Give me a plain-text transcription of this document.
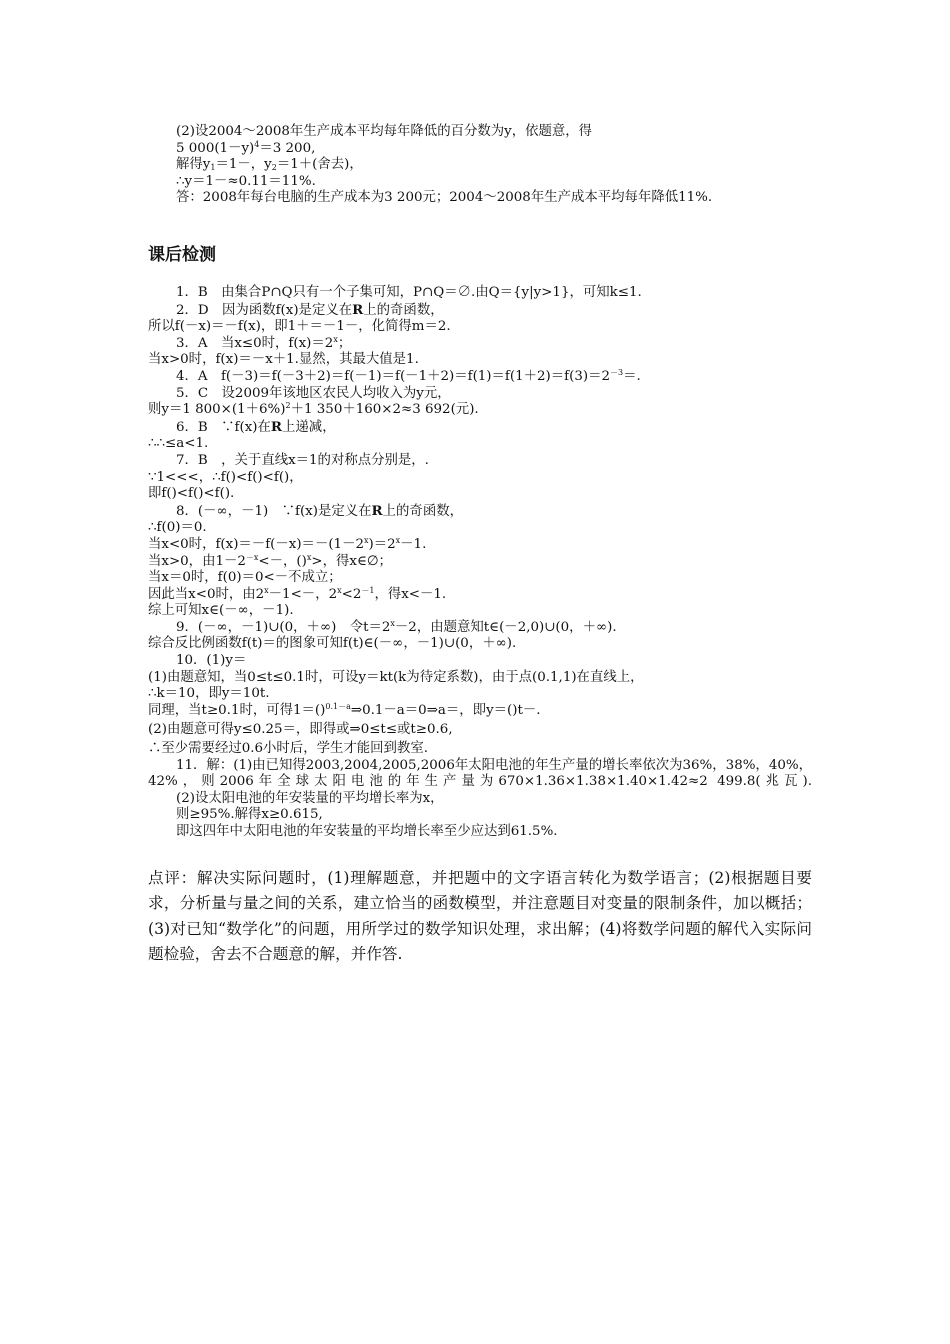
(2)设2004～2008年生产成本平均每年降低的百分数为y，依题意，得
5 $000(1-y)^4=3$ 200,
解得$y_1=1-$，$y_2=1+$(舍去)，
∴y＝1－≈0.11＝11%.
答：2008年每台电脑的生产成本为3 200元；2004～2008年生产成本平均每年降低11%.
课后检测
1．B　由集合P∩Q只有一个子集可知，P∩Q＝∅.由Q＝{y|y>1}，可知k≤1.
2．D　因为函数f(x)是定义在R上的奇函数，
所以f(－x)＝－f(x)，即1＋＝－1－，化简得m＝2.
3．A　当x≤0时，$f(x)=2^x$；
当x>0时，f(x)＝－x＋1.显然，其最大值是1.
4．A　$f(-3)=f(-3+2)=f(-1)=f(-1+2)=f(1)=f(1+2)=f(3)=2^{-3}=$.
5．C　设2009年该地区农民人均收入为y元，
则y＝1 $800\times(1+6\%)^2+1$ 350＋160×2≈3 692(元).
6．B　∵f(x)在R上递减，
∴∴≤a<1.
7．B　，关于直线x＝1的对称点分别是，.
∵1<<<，∴f()<f()<f()，
即f()<f()<f().
8．(－∞，－1)　∵f(x)是定义在R上的奇函数，
∴f(0)＝0.
当x<0时，$f(x)=-f(-x)=-(1-2^x)=2^x-1$.
当x>0，由$1-2^{-x}<-$，()$^x$>，得x∈∅；
当x＝0时，f(0)＝0<－不成立；
因此当x<0时，由$2^x-1<-$，$2^x<2^{-1}$，得x<－1.
综上可知x∈(－∞，－1).
9．(－∞，－1)∪(0，＋∞)　令$t=2^x-2$，由题意知t∈(－2,0)∪(0，＋∞).
综合反比例函数f(t)＝的图象可知f(t)∈(－∞，－1)∪(0，＋∞).
10．(1)y＝
(1)由题意知，当0≤t≤0.1时，可设y＝kt(k为待定系数)，由于点(0.1,1)在直线上，
∴k＝10，即y＝10t.
同理，当t≥0.1时，可得1＝()$^{0.1-a}$⇒0.1－a＝0⇒a＝，即y＝()t－.
(2)由题意可得y≤0.25＝，即得或⇒0≤t≤或t≥0.6,
∴至少需要经过0.6小时后，学生才能回到教室.
11．解：(1)由已知得2003,2004,2005,2006年太阳电池的年生产量的增长率依次为36%，38%，40%，42%，则2006年全球太阳电池的年生产量为670×1.36×1.38×1.40×1.42≈2 499.8(兆瓦).
(2)设太阳电池的年安装量的平均增长率为x，
则≥95%.解得x≥0.615,
即这四年中太阳电池的年安装量的平均增长率至少应达到61.5%.
点评：解决实际问题时，(1)理解题意，并把题中的文字语言转化为数学语言；(2)根据题目要求，分析量与量之间的关系，建立恰当的函数模型，并注意题目对变量的限制条件，加以概括；(3)对已知“数学化”的问题，用所学过的数学知识处理，求出解；(4)将数学问题的解代入实际问题检验，舍去不合题意的解，并作答.
